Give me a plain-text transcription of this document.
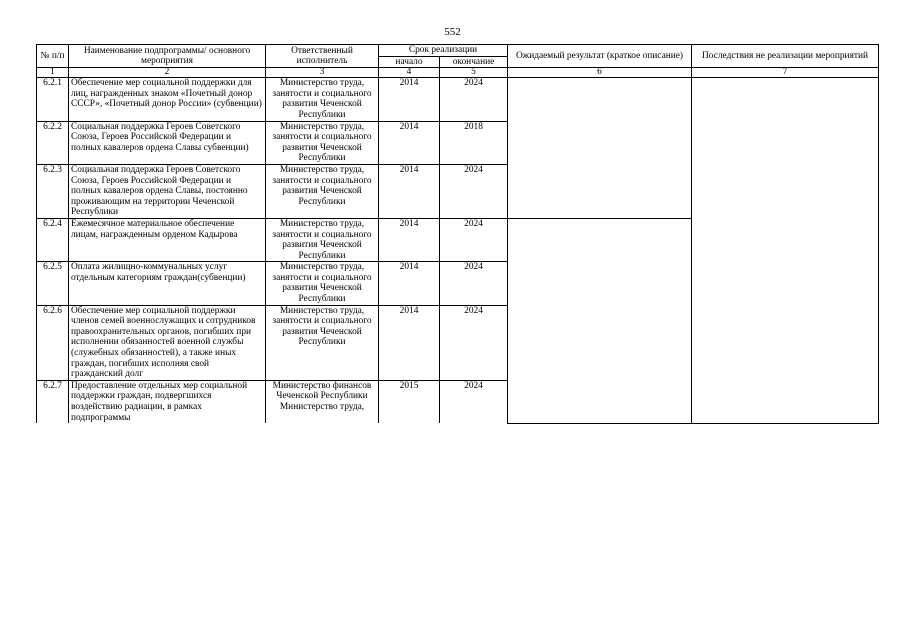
552
№ п/п	Наименование подпрограммы/ основного мероприятия	Ответственный исполнитель	Срок реализации		Ожидаемый результат (краткое описание)	Последствия не реализации мероприятий
			начало	окончание		
1	2	3	4	5	6	7
6.2.1	Обеспечение мер социальной поддержки для лиц, награжденных знаком «Почетный донор СССР», «Почетный донор России» (субвенции)	Министерство труда, занятости и социального развития Чеченской Республики	2014	2024		
6.2.2	Социальная поддержка Героев Советского Союза, Героев Российской Федерации и полных кавалеров ордена Славы субвенции)	Министерство труда, занятости и социального развития Чеченской Республики	2014	2018		
6.2.3	Социальная поддержка Героев Советского Союза, Героев Российской Федерации и полных кавалеров ордена Славы, постоянно проживающим на территории Чеченской Республики	Министерство труда, занятости и социального развития Чеченской Республики	2014	2024		
6.2.4	Ежемесячное материальное обеспечение лицам, награжденным орденом Кадырова	Министерство труда, занятости и социального развития Чеченской Республики	2014	2024		
6.2.5	Оплата жилищно-коммунальных услуг отдельным категориям граждан(субвенции)	Министерство труда, занятости и социального развития Чеченской Республики	2014	2024		
6.2.6	Обеспечение мер социальной поддержки членов семей военнослужащих и сотрудников правоохранительных органов, погибших при исполнении обязанностей военной службы (служебных обязанностей), а также иных граждан, погибших исполняя свой гражданский долг	Министерство труда, занятости и социального развития Чеченской Республики	2014	2024		
6.2.7	Предоставление отдельных мер социальной поддержки граждан, подвергшихся воздействию радиации, в рамках подпрограммы	Министерство финансов Чеченской Республики Министерство труда,	2015	2024		
